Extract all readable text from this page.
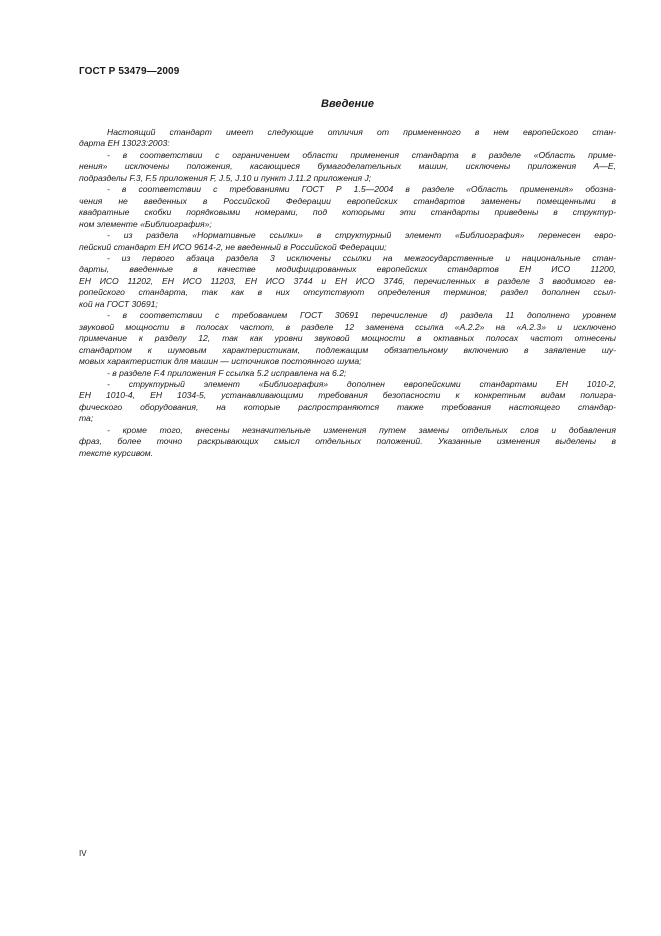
ГОСТ Р 53479—2009
Введение
Настоящий стандарт имеет следующие отличия от примененного в нем европейского стан-
дарта ЕН 13023:2003:
- в соответствии с ограничением области применения стандарта в разделе «Область приме-
нения» исключены положения, касающиеся бумагоделательных машин, исключены приложения А—Е,
подразделы F.3, F.5 приложения F, J.5, J.10 и пункт J.11.2 приложения J;
- в соответствии с требованиями ГОСТ Р 1.5—2004 в разделе «Область применения» обозна-
чения не введенных в Российской Федерации европейских стандартов заменены помещенными в
квадратные скобки порядковыми номерами, под которыми эти стандарты приведены в структур-
ном элементе «Библиография»;
- из раздела «Нормативные ссылки» в структурный элемент «Библиография» перенесен евро-
пейский стандарт ЕН ИСО 9614-2, не введенный в Российской Федерации;
- из первого абзаца раздела 3 исключены ссылки на межгосударственные и национальные стан-
дарты, введенные в качестве модифицированных европейских стандартов ЕН ИСО 11200,
ЕН ИСО 11202, ЕН ИСО 11203, ЕН ИСО 3744 и ЕН ИСО 3746, перечисленных в разделе 3 вводимого ев-
ропейского стандарта, так как в них отсутствуют определения терминов; раздел дополнен ссыл-
кой на ГОСТ 30691;
- в соответствии с требованием ГОСТ 30691 перечисление d) раздела 11 дополнено уровнем
звуковой мощности в полосах частот, в разделе 12 заменена ссылка «А.2.2» на «А.2.3» и исключено
примечание к разделу 12, так как уровни звуковой мощности в октавных полосах частот отнесены
стандартом к шумовым характеристикам, подлежащим обязательному включению в заявление шу-
мовых характеристик для машин — источников постоянного шума;
- в разделе F.4 приложения F ссылка 5.2 исправлена на 6.2;
- структурный элемент «Библиография» дополнен европейскими стандартами ЕН 1010-2,
ЕН 1010-4, ЕН 1034-5, устанавливающими требования безопасности к конкретным видам полигра-
фического оборудования, на которые распространяются также требования настоящего стандар-
та;
- кроме того, внесены незначительные изменения путем замены отдельных слов и добавления
фраз, более точно раскрывающих смысл отдельных положений. Указанные изменения выделены в
тексте курсивом.
IV
